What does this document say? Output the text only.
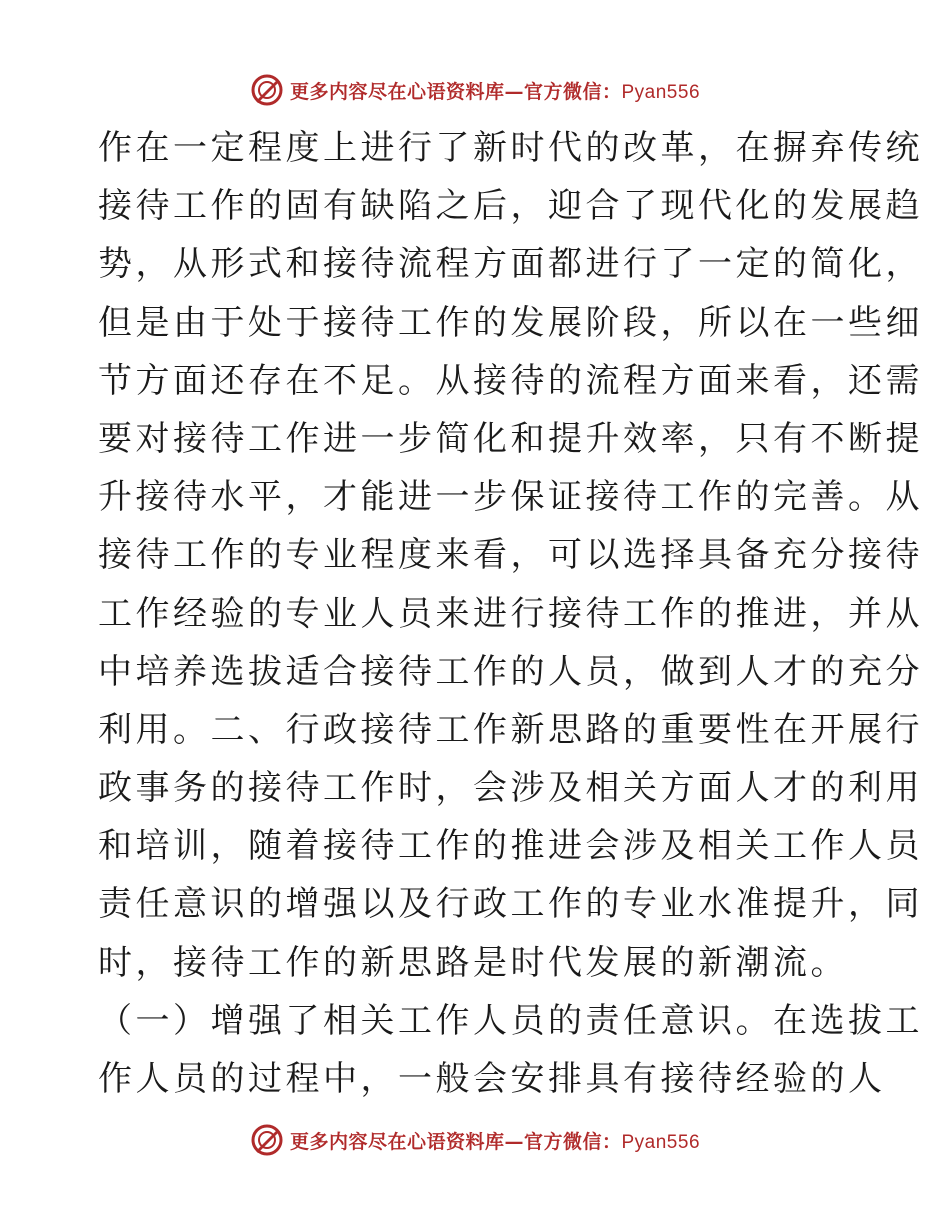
更多内容尽在心语资料库—官方微信：Pyan556
作在一定程度上进行了新时代的改革，在摒弃传统
接待工作的固有缺陷之后，迎合了现代化的发展趋
势，从形式和接待流程方面都进行了一定的简化，
但是由于处于接待工作的发展阶段，所以在一些细
节方面还存在不足。从接待的流程方面来看，还需
要对接待工作进一步简化和提升效率，只有不断提
升接待水平，才能进一步保证接待工作的完善。从
接待工作的专业程度来看，可以选择具备充分接待
工作经验的专业人员来进行接待工作的推进，并从
中培养选拔适合接待工作的人员，做到人才的充分
利用。二、行政接待工作新思路的重要性在开展行
政事务的接待工作时，会涉及相关方面人才的利用
和培训，随着接待工作的推进会涉及相关工作人员
责任意识的增强以及行政工作的专业水准提升，同
时，接待工作的新思路是时代发展的新潮流。
（一）增强了相关工作人员的责任意识。在选拔工
作人员的过程中，一般会安排具有接待经验的人
更多内容尽在心语资料库—官方微信：Pyan556
